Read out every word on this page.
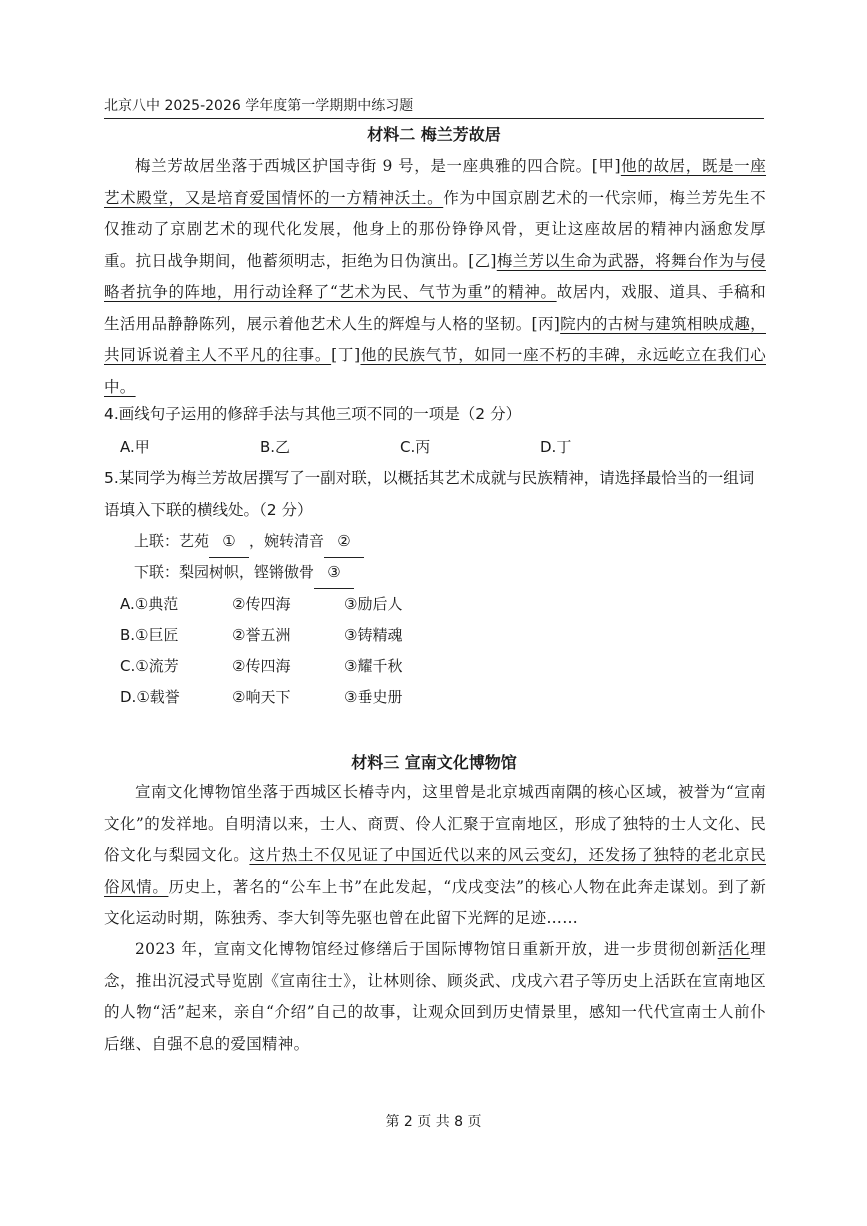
北京八中 2025-2026 学年度第一学期期中练习题
材料二 梅兰芳故居
梅兰芳故居坐落于西城区护国寺街 9 号，是一座典雅的四合院。[甲]他的故居，既是一座艺术殿堂，又是培育爱国情怀的一方精神沃土。作为中国京剧艺术的一代宗师，梅兰芳先生不仅推动了京剧艺术的现代化发展，他身上的那份铮铮风骨，更让这座故居的精神内涵愈发厚重。抗日战争期间，他蓄须明志，拒绝为日伪演出。[乙]梅兰芳以生命为武器，将舞台作为与侵略者抗争的阵地，用行动诠释了“艺术为民、气节为重”的精神。故居内，戏服、道具、手稿和生活用品静静陈列，展示着他艺术人生的辉煌与人格的坚韧。[丙]院内的古树与建筑相映成趣，共同诉说着主人不平凡的往事。[丁]他的民族气节，如同一座不朽的丰碑，永远屹立在我们心中。
4.画线句子运用的修辞手法与其他三项不同的一项是（2 分）
A.甲	B.乙	C.丙	D.丁
5.某同学为梅兰芳故居撰写了一副对联，以概括其艺术成就与民族精神，请选择最恰当的一组词语填入下联的横线处。（2 分）
上联：艺苑 ① ，婉转清音 ②
下联：梨园树帜，铿锵傲骨 ③
A.①典范	②传四海	③励后人
B.①巨匠	②誉五洲	③铸精魂
C.①流芳	②传四海	③耀千秋
D.①载誉	②响天下	③垂史册
材料三 宣南文化博物馆
宣南文化博物馆坐落于西城区长椿寺内，这里曾是北京城西南隅的核心区域，被誉为“宣南文化”的发祥地。自明清以来，士人、商贾、伶人汇聚于宣南地区，形成了独特的士人文化、民俗文化与梨园文化。这片热土不仅见证了中国近代以来的风云变幻，还发扬了独特的老北京民俗风情。历史上，著名的“公车上书”在此发起，“戊戌变法”的核心人物在此奔走谋划。到了新文化运动时期，陈独秀、李大钊等先驱也曾在此留下光辉的足迹……
2023 年，宣南文化博物馆经过修缮后于国际博物馆日重新开放，进一步贯彻创新活化理念，推出沉浸式导览剧《宣南往士》，让林则徐、顾炎武、戊戌六君子等历史上活跃在宣南地区的人物“活”起来，亲自“介绍”自己的故事，让观众回到历史情景里，感知一代代宣南士人前仆后继、自强不息的爱国精神。
第 2 页 共 8 页
